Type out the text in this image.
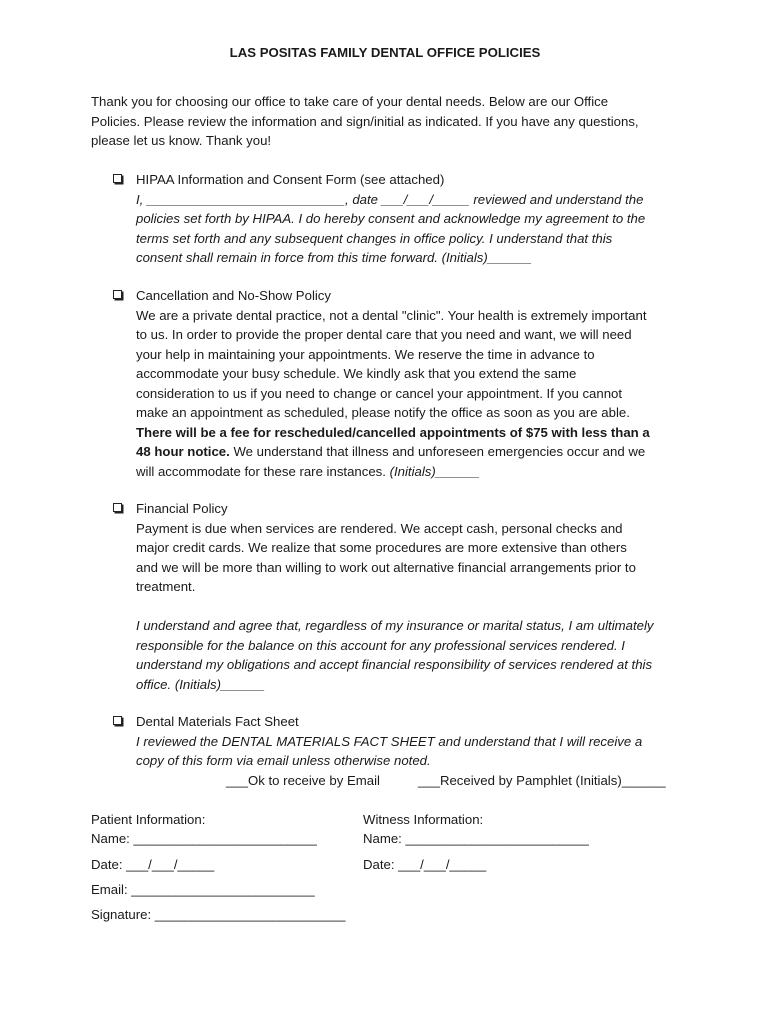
LAS POSITAS FAMILY DENTAL OFFICE POLICIES
Thank you for choosing our office to take care of your dental needs. Below are our Office
Policies. Please review the information and sign/initial as indicated. If you have any questions,
please let us know. Thank you!
HIPAA Information and Consent Form (see attached)
I, ___________________________, date ___/___/_____ reviewed and understand the
policies set forth by HIPAA. I do hereby consent and acknowledge my agreement to the
terms set forth and any subsequent changes in office policy. I understand that this
consent shall remain in force from this time forward. (Initials)______
Cancellation and No-Show Policy
We are a private dental practice, not a dental "clinic". Your health is extremely important
to us. In order to provide the proper dental care that you need and want, we will need
your help in maintaining your appointments. We reserve the time in advance to
accommodate your busy schedule. We kindly ask that you extend the same
consideration to us if you need to change or cancel your appointment. If you cannot
make an appointment as scheduled, please notify the office as soon as you are able.
There will be a fee for rescheduled/cancelled appointments of $75 with less than a
48 hour notice. We understand that illness and unforeseen emergencies occur and we
will accommodate for these rare instances. (Initials)______
Financial Policy
Payment is due when services are rendered. We accept cash, personal checks and
major credit cards. We realize that some procedures are more extensive than others
and we will be more than willing to work out alternative financial arrangements prior to
treatment.
I understand and agree that, regardless of my insurance or marital status, I am ultimately
responsible for the balance on this account for any professional services rendered. I
understand my obligations and accept financial responsibility of services rendered at this
office. (Initials)______
Dental Materials Fact Sheet
I reviewed the DENTAL MATERIALS FACT SHEET and understand that I will receive a
copy of this form via email unless otherwise noted.
___Ok to receive by Email	___Received by Pamphlet (Initials)______
Patient Information:
Name: _________________________
Date: ___/___/_____
Email: _________________________
Signature: __________________________
Witness Information:
Name: _________________________
Date: ___/___/_____
